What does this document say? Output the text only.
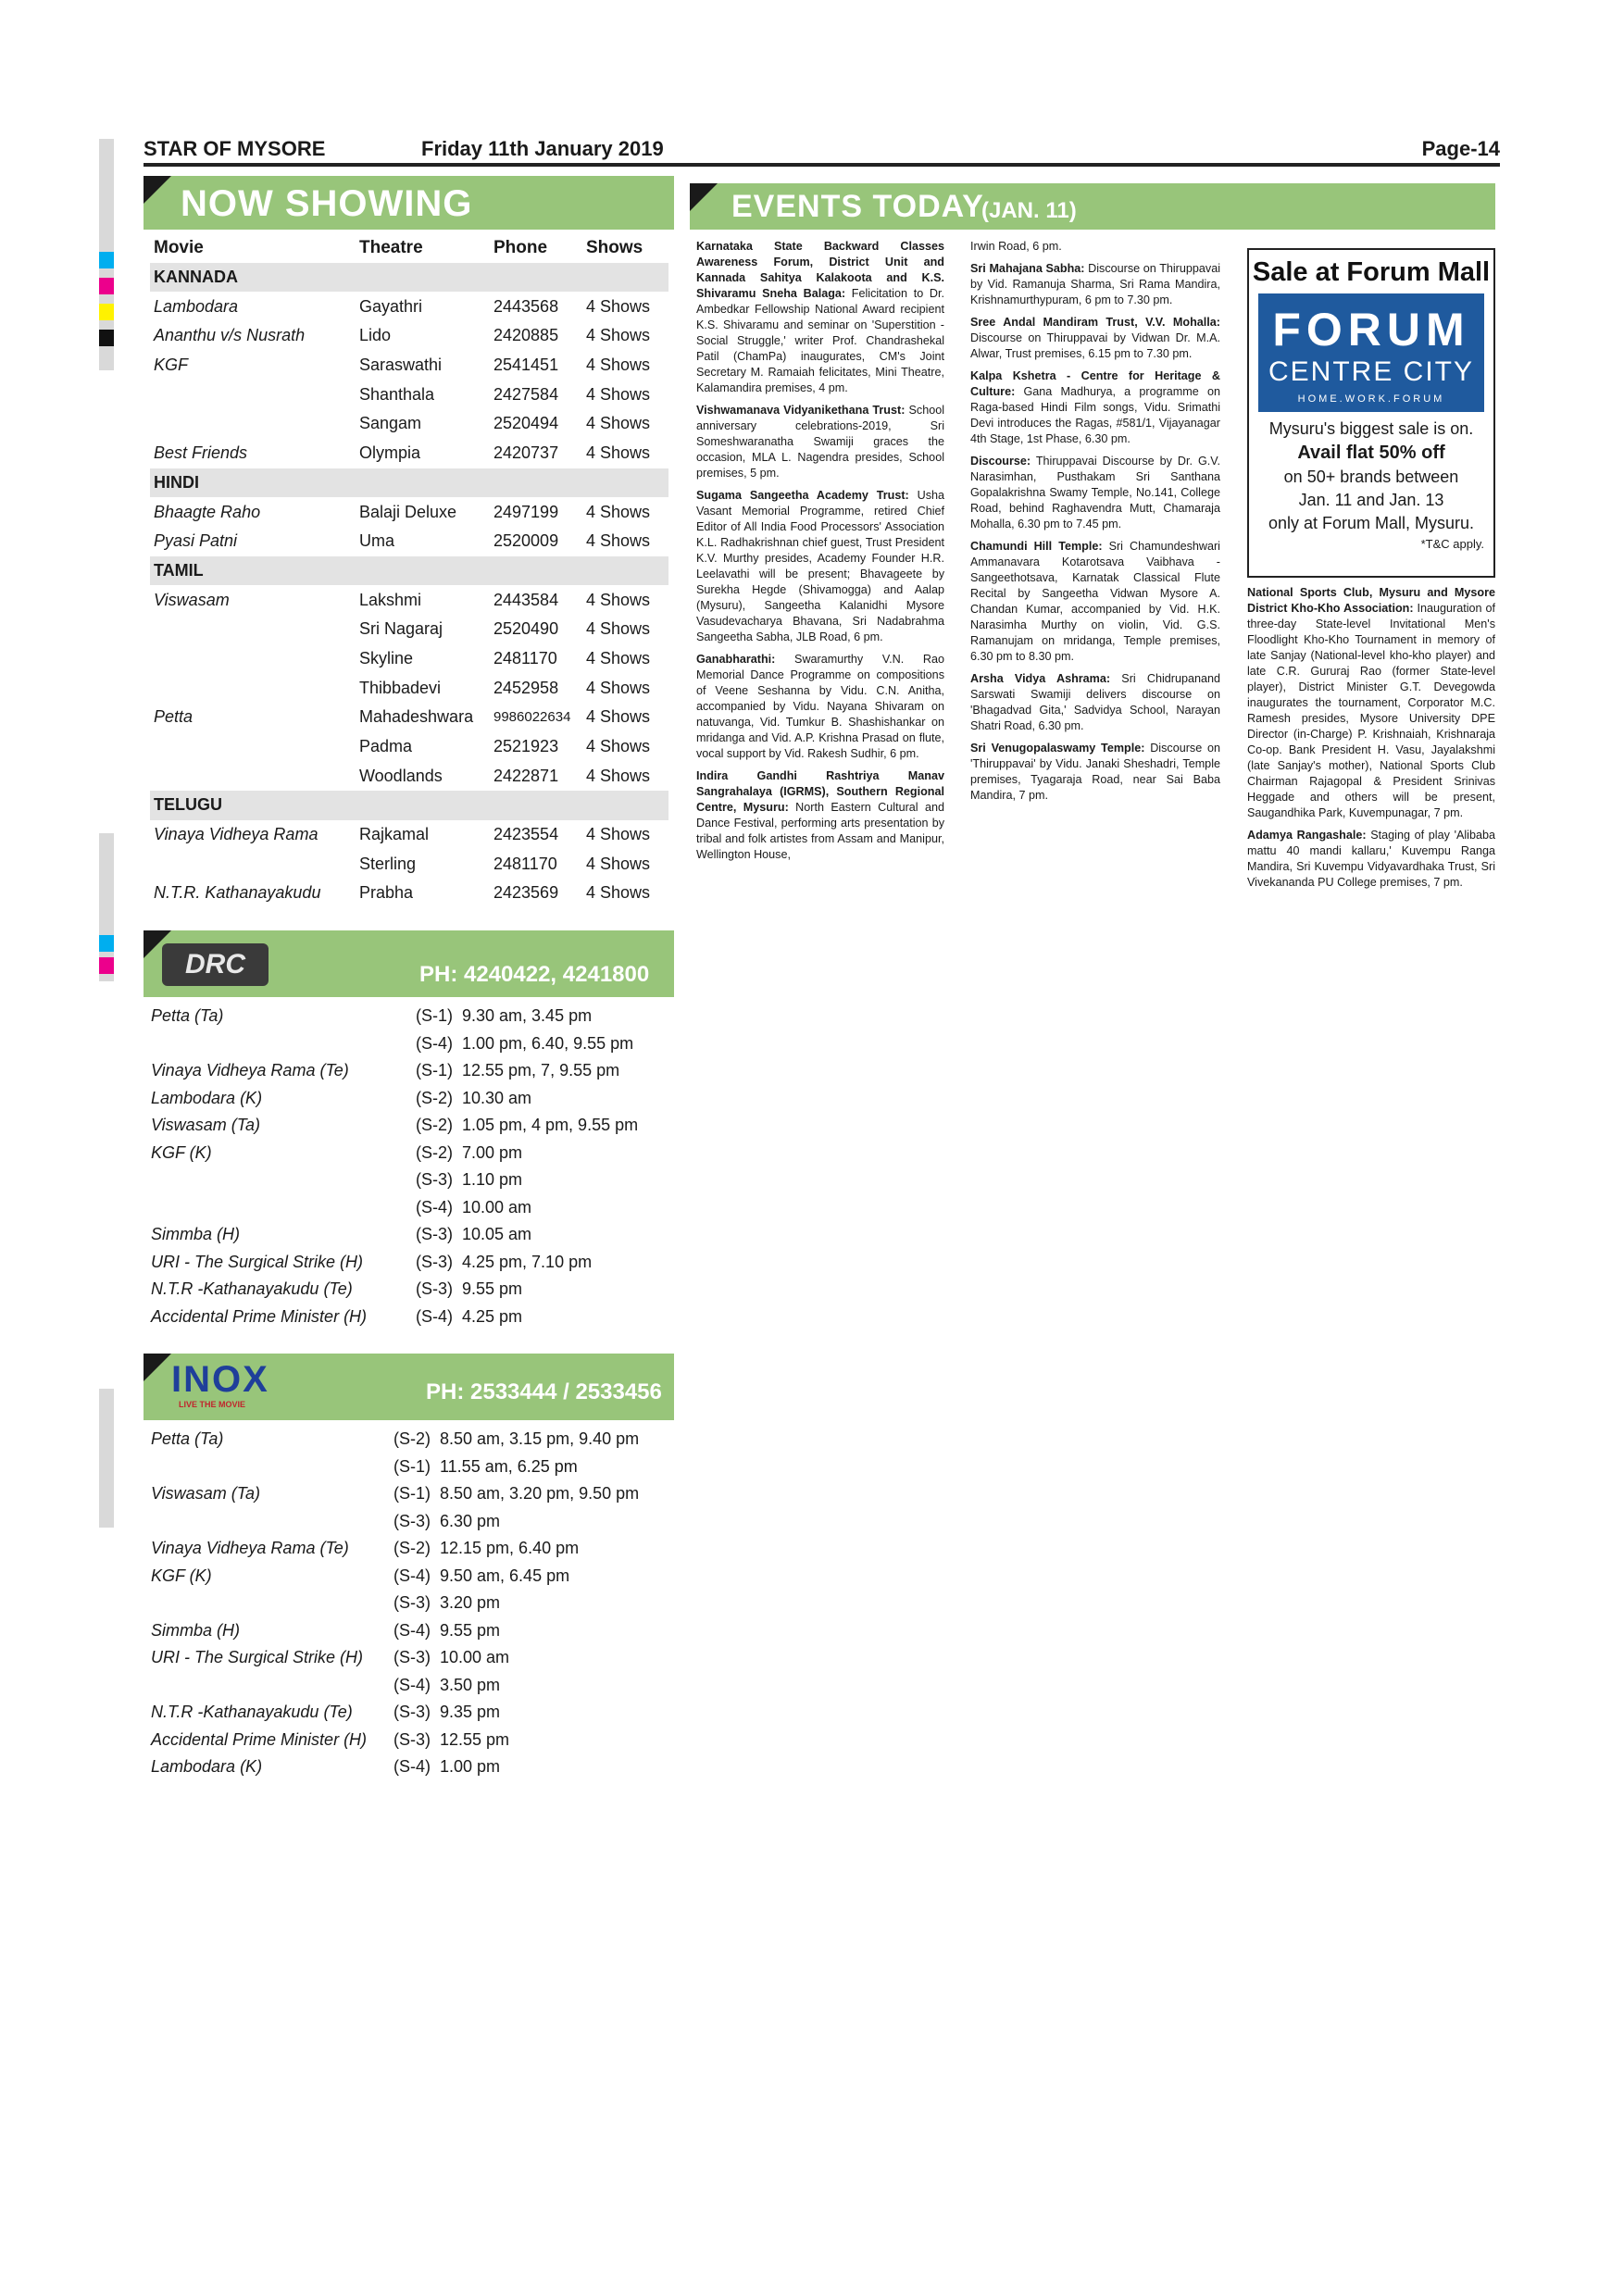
STAR OF MYSORE	Friday 11th January 2019	Page-14
NOW SHOWING
Movie	Theatre	Phone	Shows
KANNADA			
Lambodara	Gayathri	2443568	4 Shows
Ananthu v/s Nusrath	Lido	2420885	4 Shows
KGF	Saraswathi	2541451	4 Shows
	Shanthala	2427584	4 Shows
	Sangam	2520494	4 Shows
Best Friends	Olympia	2420737	4 Shows
HINDI			
Bhaagte Raho	Balaji Deluxe	2497199	4 Shows
Pyasi Patni	Uma	2520009	4 Shows
TAMIL			
Viswasam	Lakshmi	2443584	4 Shows
	Sri Nagaraj	2520490	4 Shows
	Skyline	2481170	4 Shows
	Thibbadevi	2452958	4 Shows
Petta	Mahadeshwara	9986022634	4 Shows
	Padma	2521923	4 Shows
	Woodlands	2422871	4 Shows
TELUGU			
Vinaya Vidheya Rama	Rajkamal	2423554	4 Shows
	Sterling	2481170	4 Shows
N.T.R. Kathanayakudu	Prabha	2423569	4 Shows
DRC	PH: 4240422, 4241800
Petta (Ta)	(S-1)	9.30 am, 3.45 pm
	(S-4)	1.00 pm, 6.40, 9.55 pm
Vinaya Vidheya Rama (Te)	(S-1)	12.55 pm, 7, 9.55 pm
Lambodara (K)	(S-2)	10.30 am
Viswasam (Ta)	(S-2)	1.05 pm, 4 pm, 9.55 pm
KGF (K)	(S-2)	7.00 pm
	(S-3)	1.10 pm
	(S-4)	10.00 am
Simmba (H)	(S-3)	10.05 am
URI - The Surgical Strike (H)	(S-3)	4.25 pm, 7.10 pm
N.T.R -Kathanayakudu (Te)	(S-3)	9.55 pm
Accidental Prime Minister (H)	(S-4)	4.25 pm
INOX
LIVE THE MOVIE	PH: 2533444 / 2533456
Petta (Ta)	(S-2)	8.50 am, 3.15 pm, 9.40 pm
	(S-1)	11.55 am, 6.25 pm
Viswasam (Ta)	(S-1)	8.50 am, 3.20 pm, 9.50 pm
	(S-3)	6.30 pm
Vinaya Vidheya Rama (Te)	(S-2)	12.15 pm, 6.40 pm
KGF (K)	(S-4)	9.50 am, 6.45 pm
	(S-3)	3.20 pm
Simmba (H)	(S-4)	9.55 pm
URI - The Surgical Strike (H)	(S-3)	10.00 am
	(S-4)	3.50 pm
N.T.R -Kathanayakudu (Te)	(S-3)	9.35 pm
Accidental Prime Minister (H)	(S-3)	12.55 pm
Lambodara (K)	(S-4)	1.00 pm
EVENTS TODAY
(JAN. 11)

Karnataka State Backward Classes Awareness Forum, District Unit and Kannada Sahitya Kalakoota and K.S. Shivaramu Sneha Balaga: Felicitation to Dr. Ambedkar Fellowship National Award recipient K.S. Shivaramu and seminar on 'Superstition - Social Struggle,' writer Prof. Chandrashekal Patil (ChamPa) inaugurates, CM's Joint Secretary M. Ramaiah felicitates, Mini Theatre, Kalamandira premises, 4 pm.

Vishwamanava Vidyanikethana Trust: School anniversary celebrations-2019, Sri Someshwaranatha Swamiji graces the occasion, MLA L. Nagendra presides, School premises, 5 pm.

Sugama Sangeetha Academy Trust: Usha Vasant Memorial Programme, retired Chief Editor of All India Food Processors' Association K.L. Radhakrishnan chief guest, Trust President K.V. Murthy presides, Academy Founder H.R. Leelavathi will be present; Bhavageete by Surekha Hegde (Shivamogga) and Aalap (Mysuru), Sangeetha Kalanidhi Mysore Vasudevacharya Bhavana, Sri Nadabrahma Sangeetha Sabha, JLB Road, 6 pm.

Ganabharathi: Swaramurthy V.N. Rao Memorial Dance Programme on compositions of Veene Seshanna by Vidu. C.N. Anitha, accompanied by Vidu. Nayana Shivaram on natuvanga, Vid. Tumkur B. Shashishankar on mridanga and Vid. A.P. Krishna Prasad on flute, vocal support by Vid. Rakesh Sudhir, 6 pm.

Indira Gandhi Rashtriya Manav Sangrahalaya (IGRMS), Southern Regional Centre, Mysuru: North Eastern Cultural and Dance Festival, performing arts presentation by tribal and folk artistes from Assam and Manipur, Wellington House,

Irwin Road, 6 pm.

Sri Mahajana Sabha: Discourse on Thiruppavai by Vid. Ramanuja Sharma, Sri Rama Mandira, Krishnamurthypuram, 6 pm to 7.30 pm.

Sree Andal Mandiram Trust, V.V. Mohalla: Discourse on Thiruppavai by Vidwan Dr. M.A. Alwar, Trust premises, 6.15 pm to 7.30 pm.

Kalpa Kshetra - Centre for Heritage & Culture: Gana Madhurya, a programme on Raga-based Hindi Film songs, Vidu. Srimathi Devi introduces the Ragas, #581/1, Vijayanagar 4th Stage, 1st Phase, 6.30 pm.

Discourse: Thiruppavai Discourse by Dr. G.V. Narasimhan, Pusthakam Sri Santhana Gopalakrishna Swamy Temple, No.141, College Road, behind Raghavendra Mutt, Chamaraja Mohalla, 6.30 pm to 7.45 pm.

Chamundi Hill Temple: Sri Chamundeshwari Ammanavara Kotarotsava Vaibhava - Sangeethotsava, Karnatak Classical Flute Recital by Sangeetha Vidwan Mysore A. Chandan Kumar, accompanied by Vid. H.K. Narasimha Murthy on violin, Vid. G.S. Ramanujam on mridanga, Temple premises, 6.30 pm to 8.30 pm.

Arsha Vidya Ashrama: Sri Chidrupanand Sarswati Swamiji delivers discourse on 'Bhagadvad Gita,' Sadvidya School, Narayan Shatri Road, 6.30 pm.

Sri Venugopalaswamy Temple: Discourse on 'Thiruppavai' by Vidu. Janaki Sheshadri, Temple premises, Tyagaraja Road, near Sai Baba Mandira, 7 pm.

Sale at Forum Mall
FORUM
CENTRE CITY
HOME.WORK.FORUM
Mysuru's biggest sale is on.
Avail flat 50% off
on 50+ brands between
Jan. 11 and Jan. 13
only at Forum Mall, Mysuru.
*T&C apply.

National Sports Club, Mysuru and Mysore District Kho-Kho Association: Inauguration of three-day State-level Invitational Men's Floodlight Kho-Kho Tournament in memory of late Sanjay (National-level kho-kho player) and late C.R. Gururaj Rao (former State-level player), District Minister G.T. Devegowda inaugurates the tournament, Corporator M.C. Ramesh presides, Mysore University DPE Director (in-Charge) P. Krishnaiah, Krishnaraja Co-op. Bank President H. Vasu, Jayalakshmi (late Sanjay's mother), National Sports Club Chairman Rajagopal & President Srinivas Heggade and others will be present, Saugandhika Park, Kuvempunagar, 7 pm.

Adamya Rangashale: Staging of play 'Alibaba mattu 40 mandi kallaru,' Kuvempu Ranga Mandira, Sri Kuvempu Vidyavardhaka Trust, Sri Vivekananda PU College premises, 7 pm.
